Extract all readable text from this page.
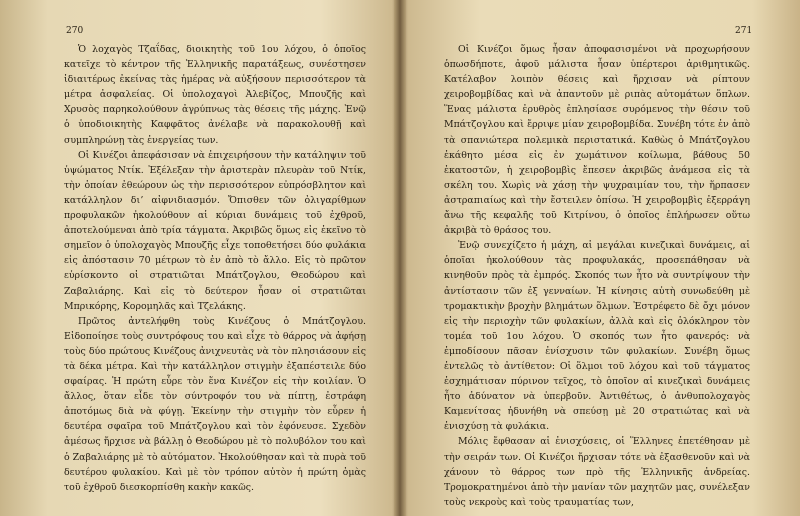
270

Ὁ λοχαγὸς Τζαΐδας, διοικητὴς τοῦ 1ου λόχου, ὁ ὁποῖος κατεῖχε τὸ κέντρον τῆς Ἑλληνικῆς παρατάξεως, συνέστησεν ἰδιαιτέρως ἐκείνας τὰς ἡμέρας νὰ αὐξήσουν περισσότερον τὰ μέτρα ἀσφαλείας. Οἱ ὑπολοχαγοὶ Ἀλεβίζος, Μπουζῆς καὶ Χρυσὸς παρηκολούθουν ἀγρύπνως τὰς θέσεις τῆς μάχης. Ἐνῷ ὁ ὑποδιοικητὴς Καφφᾶτος ἀνέλαβε νὰ παρακολουθῇ καὶ συμπληρώνῃ τὰς ἐνεργείας των.

Οἱ Κινέζοι ἀπεφάσισαν νὰ ἐπιχειρήσουν τὴν κατάληψιν τοῦ ὑψώματος Ντίκ. Ἐξέλεξαν τὴν ἀριστερὰν πλευρὰν τοῦ Ντίκ, τὴν ὁποίαν ἐθεώρουν ὡς τὴν περισσότερον εὐπρόσβλητον καὶ κατάλληλον διʼ αἰφνιδιασμόν. Ὄπισθεν τῶν ὀλιγαρίθμων προφυλακῶν ἠκολούθουν αἱ κύριαι δυνάμεις τοῦ ἐχθροῦ, ἀποτελούμεναι ἀπὸ τρία τάγματα. Ἀκριβῶς ὅμως εἰς ἐκεῖνο τὸ σημεῖον ὁ ὑπολοχαγὸς Μπουζῆς εἶχε τοποθετήσει δύο φυλάκια εἰς ἀπόστασιν 70 μέτρων τὸ ἐν ἀπὸ τὸ ἄλλο. Εἰς τὸ πρῶτον εὑρίσκοντο οἱ στρατιῶται Μπάτζογλου, Θεοδώρου καὶ Ζαβαλιάρης. Καὶ εἰς τὸ δεύτερον ἦσαν οἱ στρατιῶται Μπρικόρης, Κορομηλᾶς καὶ Τζελάκης.

Πρῶτος ἀντελήφθη τοὺς Κινέζους ὁ Μπάτζογλου. Εἰδοποίησε τοὺς συντρόφους του καὶ εἶχε τὸ θάρρος νὰ ἀφήσῃ τοὺς δύο πρώτους Κινέζους ἀνιχνευτὰς νὰ τὸν πλησιάσουν εἰς τὰ δέκα μέτρα. Καὶ τὴν κατάλληλον στιγμὴν ἐξαπέστειλε δύο σφαίρας. Ἡ πρώτη εὗρε τὸν ἕνα Κινέζον εἰς τὴν κοιλίαν. Ὁ ἄλλος, ὅταν εἶδε τὸν σύντροφόν του νὰ πίπτῃ, ἐστράφη ἀποτόμως διὰ νὰ φύγῃ. Ἐκείνην τὴν στιγμὴν τὸν εὗρεν ἡ δευτέρα σφαῖρα τοῦ Μπάτζογλου καὶ τὸν ἐφόνευσε. Σχεδὸν ἀμέσως ἤρχισε νὰ βάλλῃ ὁ Θεοδώρου μὲ τὸ πολυβόλον του καὶ ὁ Ζαβαλιάρης μὲ τὸ αὐτόματον. Ἠκολούθησαν καὶ τὰ πυρὰ τοῦ δευτέρου φυλακίου. Καὶ μὲ τὸν τρόπον αὐτὸν ἡ πρώτη ὁμὰς τοῦ ἐχθροῦ διεσκορπίσθη κακὴν κακῶς.

271

Οἱ Κινέζοι ὅμως ἦσαν ἀποφασισμένοι νὰ προχωρήσουν ὁπωσδήποτε, ἀφοῦ μάλιστα ἦσαν ὑπέρτεροι ἀριθμητικῶς. Κατέλαβον λοιπὸν θέσεις καὶ ἤρχισαν νὰ ρίπτουν χειροβομβίδας καὶ νὰ ἀπαντοῦν μὲ ριπὰς αὐτομάτων ὅπλων. Ἕνας μάλιστα ἐρυθρὸς ἐπλησίασε συρόμενος τὴν θέσιν τοῦ Μπάτζογλου καὶ ἔρριψε μίαν χειροβομβίδα. Συνέβη τότε ἐν ἀπὸ τὰ σπανιώτερα πολεμικὰ περιστατικά. Καθὼς ὁ Μπάτζογλου ἐκάθητο μέσα εἰς ἐν χωμάτινον κοίλωμα, βάθους 50 ἑκατοστῶν, ἡ χειροβομβὶς ἔπεσεν ἀκριβῶς ἀνάμεσα εἰς τὰ σκέλη του. Χωρὶς νὰ χάσῃ τὴν ψυχραιμίαν του, τὴν ἥρπασεν ἀστραπιαίως καὶ τὴν ἔστειλεν ὀπίσω. Ἡ χειροβομβὶς ἐξερράγη ἄνω τῆς κεφαλῆς τοῦ Κιτρίνου, ὁ ὁποῖος ἐπλήρωσεν οὕτω ἀκριβὰ τὸ θράσος του.

Ἐνῷ συνεχίζετο ἡ μάχη, αἱ μεγάλαι κινεζικαὶ δυνάμεις, αἱ ὁποῖαι ἠκολούθουν τὰς προφυλακάς, προσεπάθησαν νὰ κινηθοῦν πρὸς τὰ ἐμπρός. Σκοπός των ἦτο νὰ συντρίψουν τὴν ἀντίστασιν τῶν ἐξ γενναίων. Ἡ κίνησις αὐτὴ συνωδεύθη μὲ τρομακτικὴν βροχὴν βλημάτων ὅλμων. Ἐστρέφετο δὲ ὄχι μόνον εἰς τὴν περιοχὴν τῶν φυλακίων, ἀλλὰ καὶ εἰς ὁλόκληρον τὸν τομέα τοῦ 1ου λόχου. Ὁ σκοπός των ἦτο φανερός: νὰ ἐμποδίσουν πᾶσαν ἐνίσχυσιν τῶν φυλακίων. Συνέβη ὅμως ἐντελῶς τὸ ἀντίθετον: Οἱ ὅλμοι τοῦ λόχου καὶ τοῦ τάγματος ἐσχημάτισαν πύρινον τεῖχος, τὸ ὁποῖον αἱ κινεζικαὶ δυνάμεις ἦτο ἀδύνατον νὰ ὑπερβοῦν. Ἀντιθέτως, ὁ ἀνθυπολοχαγὸς Καμενίτσας ἠδυνήθη νὰ σπεύσῃ μὲ 20 στρατιώτας καὶ νὰ ἐνισχύσῃ τὰ φυλάκια.

Μόλις ἔφθασαν αἱ ἐνισχύσεις, οἱ Ἕλληνες ἐπετέθησαν μὲ τὴν σειράν των. Οἱ Κινέζοι ἤρχισαν τότε νὰ ἐξασθενοῦν καὶ νὰ χάνουν τὸ θάρρος των πρὸ τῆς Ἑλληνικῆς ἀνδρείας. Τρομοκρατημένοι ἀπὸ τὴν μανίαν τῶν μαχητῶν μας, συνέλεξαν τοὺς νεκροὺς καὶ τοὺς τραυματίας των,
